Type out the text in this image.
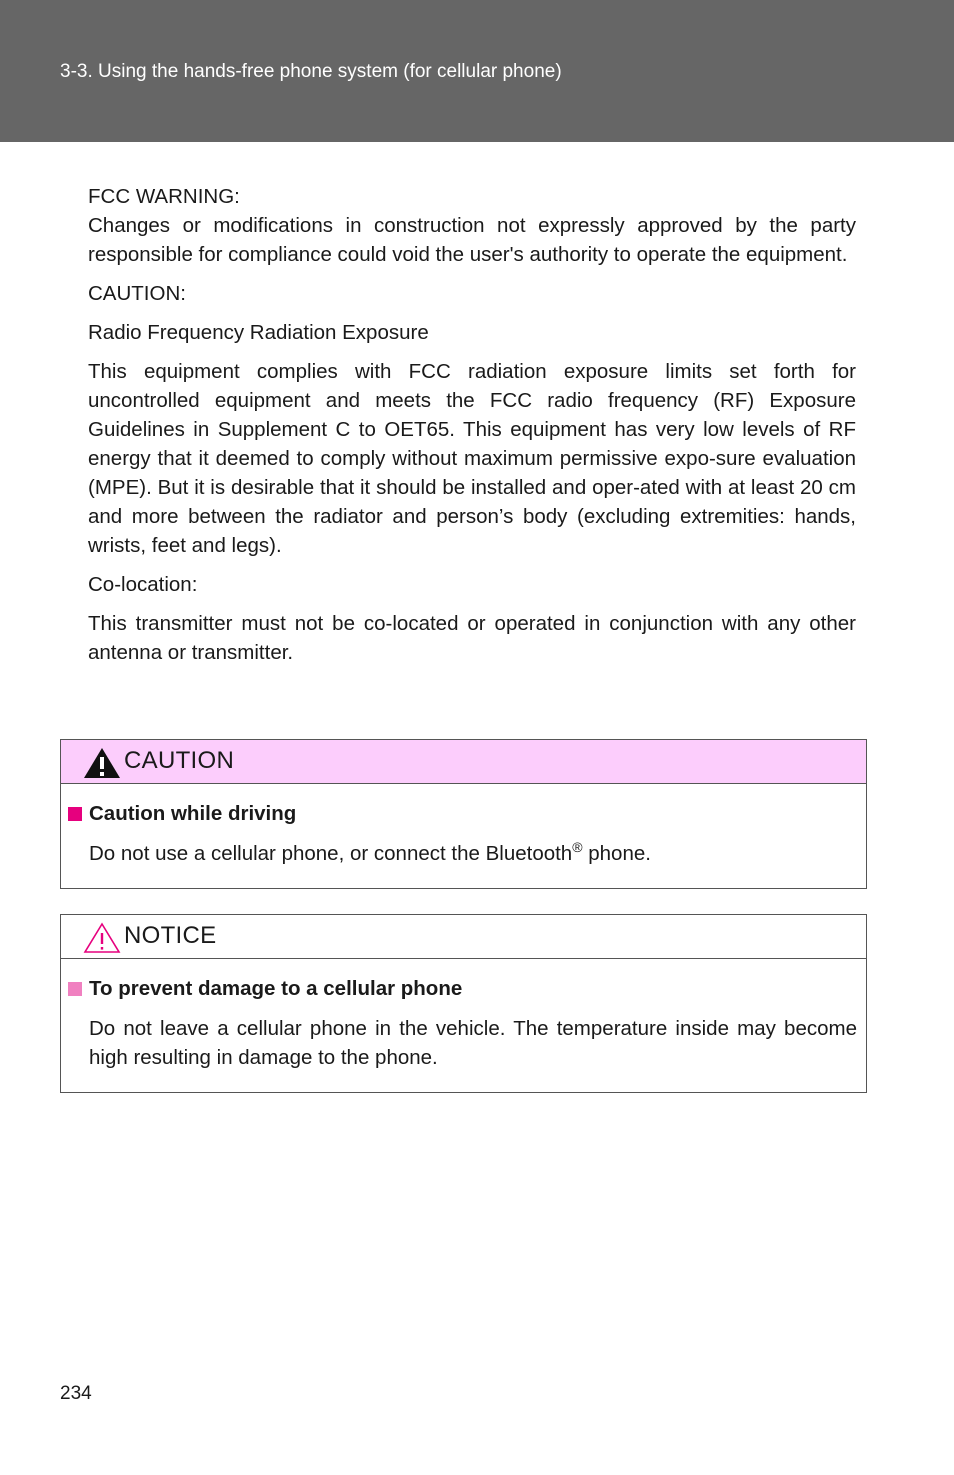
3-3. Using the hands-free phone system (for cellular phone)

FCC WARNING:
Changes or modifications in construction not expressly approved by the party responsible for compliance could void the user's authority to operate the equipment.

CAUTION:

Radio Frequency Radiation Exposure

This equipment complies with FCC radiation exposure limits set forth for uncontrolled equipment and meets the FCC radio frequency (RF) Exposure Guidelines in Supplement C to OET65. This equipment has very low levels of RF energy that it deemed to comply without maximum permissive expo-sure evaluation (MPE). But it is desirable that it should be installed and oper-ated with at least 20 cm and more between the radiator and person’s body (excluding extremities: hands, wrists, feet and legs).

Co-location:

This transmitter must not be co-located or operated in conjunction with any other antenna or transmitter.

CAUTION
Caution while driving
Do not use a cellular phone, or connect the Bluetooth® phone.
NOTICE
To prevent damage to a cellular phone
Do not leave a cellular phone in the vehicle. The temperature inside may become high resulting in damage to the phone.
234
